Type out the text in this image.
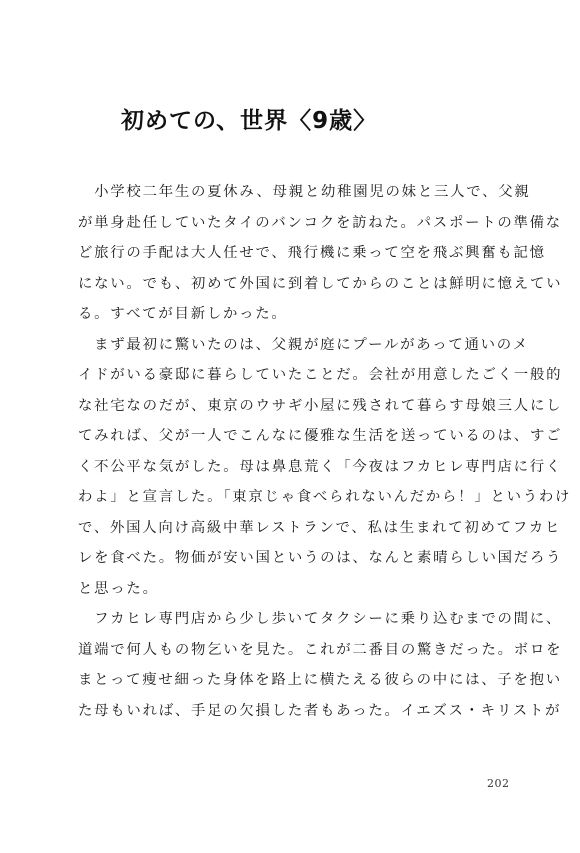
初めての、世界〈9歳〉
　小学校二年生の夏休み、母親と幼稚園児の妹と三人で、父親
が単身赴任していたタイのバンコクを訪ねた。パスポートの準備な
ど旅行の手配は大人任せで、飛行機に乗って空を飛ぶ興奮も記憶
にない。でも、初めて外国に到着してからのことは鮮明に憶えてい
る。すべてが目新しかった。
　まず最初に驚いたのは、父親が庭にプールがあって通いのメ
イドがいる豪邸に暮らしていたことだ。会社が用意したごく一般的
な社宅なのだが、東京のウサギ小屋に残されて暮らす母娘三人にし
てみれば、父が一人でこんなに優雅な生活を送っているのは、すご
く不公平な気がした。母は鼻息荒く「今夜はフカヒレ専門店に行く
わよ」と宣言した。「東京じゃ食べられないんだから！」というわけ
で、外国人向け高級中華レストランで、私は生まれて初めてフカヒ
レを食べた。物価が安い国というのは、なんと素晴らしい国だろう
と思った。
　フカヒレ専門店から少し歩いてタクシーに乗り込むまでの間に、
道端で何人もの物乞いを見た。これが二番目の驚きだった。ボロを
まとって痩せ細った身体を路上に横たえる彼らの中には、子を抱い
た母もいれば、手足の欠損した者もあった。イエズス・キリストが
202
